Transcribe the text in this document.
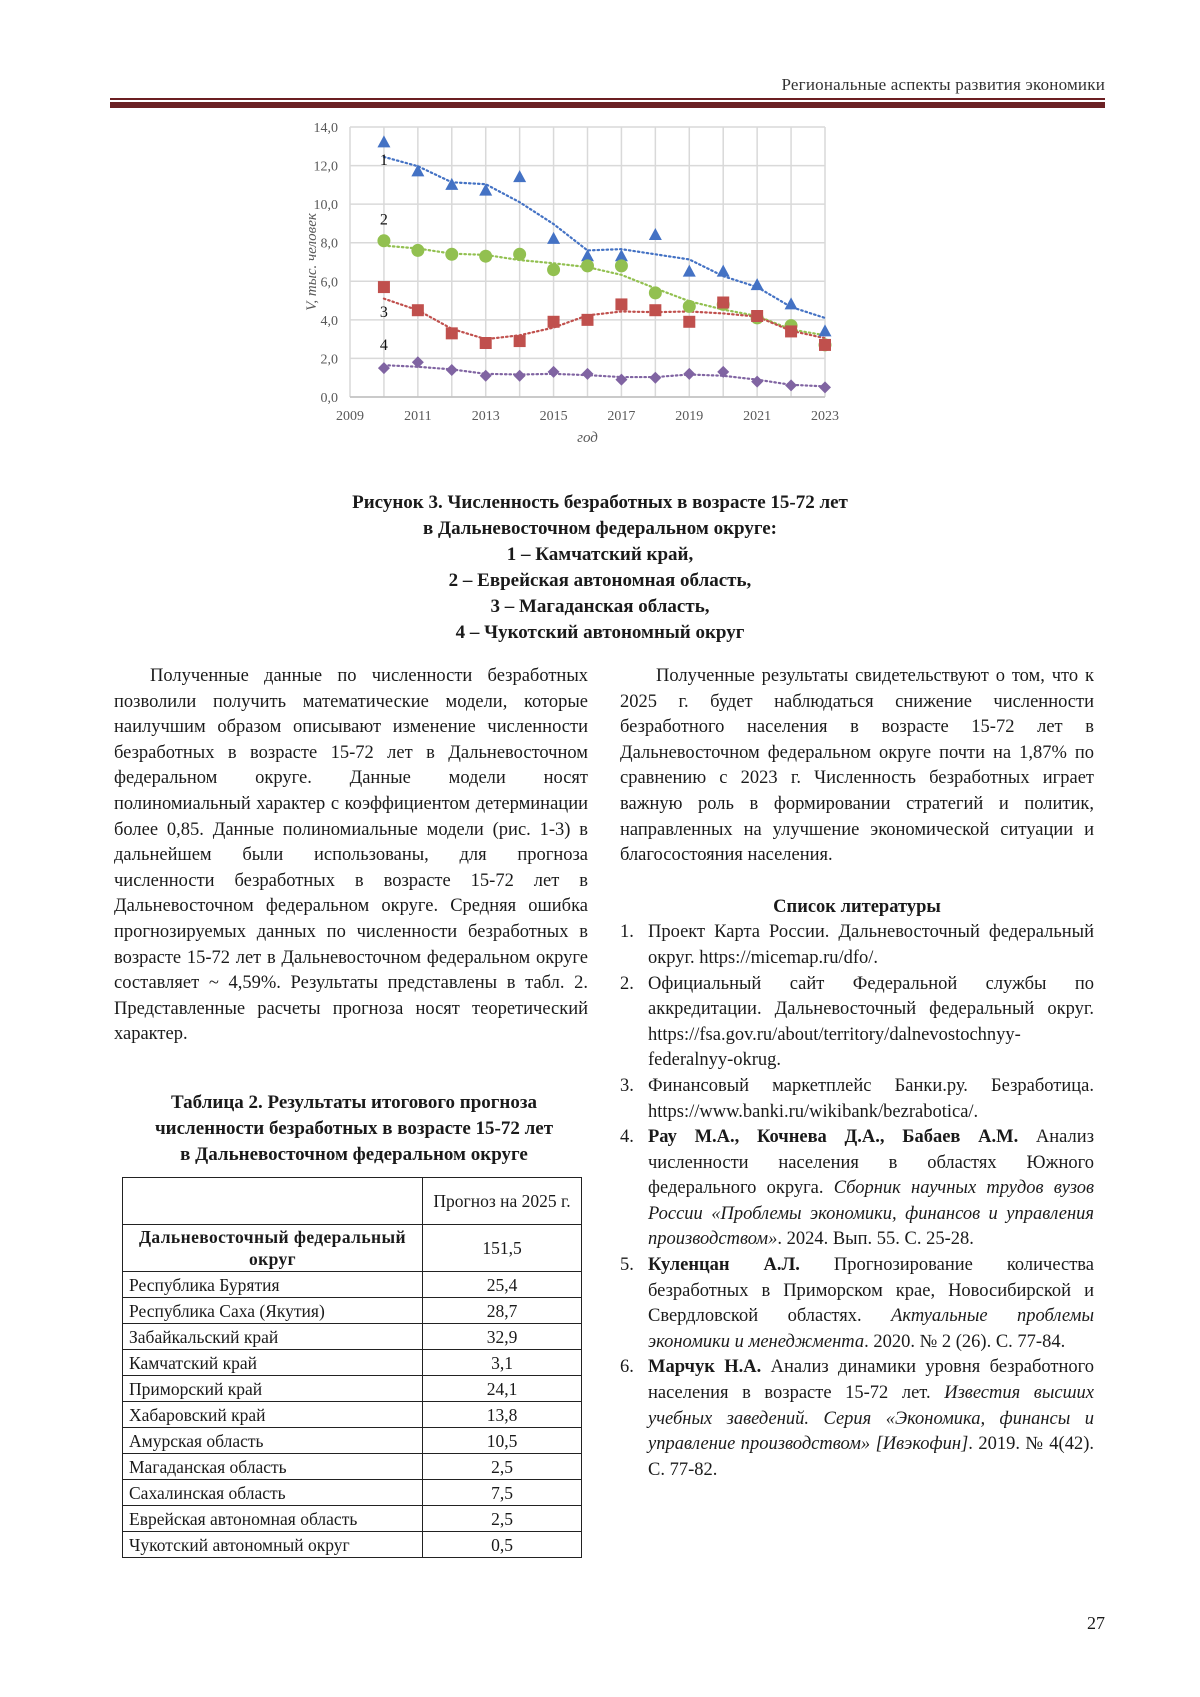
Региональные аспекты развития экономики
0,0
2,0
4,0
6,0
8,0
10,0
12,0
14,0
2009	2011	2013	2015	2017	2019	2021	2023
V, тыс. человек
год
1
2
3
4
Рисунок 3. Численность безработных в возрасте 15-72 лет
в Дальневосточном федеральном округе:
1 – Камчатский край,
2 – Еврейская автономная область,
3 – Магаданская область,
4 – Чукотский автономный округ

Полученные данные по численности безработных позволили получить математические модели, которые наилучшим образом описывают изменение численности безработных в возрасте 15-72 лет в Дальневосточном федеральном округе. Данные модели носят полиномиальный характер с коэффициентом детерминации более 0,85. Данные полиномиальные модели (рис. 1-3) в дальнейшем были использованы, для прогноза численности безработных в возрасте 15-72 лет в Дальневосточном федеральном округе. Средняя ошибка прогнозируемых данных по численности безработных в возрасте 15-72 лет в Дальневосточном федеральном округе составляет ~ 4,59%. Результаты представлены в табл. 2. Представленные расчеты прогноза носят теоретический характер.

Таблица 2. Результаты итогового прогноза
численности безработных в возрасте 15-72 лет
в Дальневосточном федеральном округе
	Прогноз на 2025 г.
Дальневосточный федеральный округ	151,5
Республика Бурятия	25,4
Республика Саха (Якутия)	28,7
Забайкальский край	32,9
Камчатский край	3,1
Приморский край	24,1
Хабаровский край	13,8
Амурская область	10,5
Магаданская область	2,5
Сахалинская область	7,5
Еврейская автономная область	2,5
Чукотский автономный округ	0,5

Полученные результаты свидетельствуют о том, что к 2025 г. будет наблюдаться снижение численности безработного населения в возрасте 15-72 лет в Дальневосточном федеральном округе почти на 1,87% по сравнению с 2023 г. Численность безработных играет важную роль в формировании стратегий и политик, направленных на улучшение экономической ситуации и благосостояния населения.

Список литературы

1. Проект Карта России. Дальневосточный федеральный округ. https://micemap.ru/dfo/.
2. Официальный сайт Федеральной службы по аккредитации. Дальневосточный федеральный округ. https://fsa.gov.ru/about/territory/dalnevostochnyy-federalnyy-okrug.
3. Финансовый маркетплейс Банки.ру. Безработица. https://www.banki.ru/wikibank/bezrabotica/.
4. Рау М.А., Кочнева Д.А., Бабаев А.М. Анализ численности населения в областях Южного федерального округа. Сборник научных трудов вузов России «Проблемы экономики, финансов и управления производством». 2024. Вып. 55. С. 25-28.
5. Куленцан А.Л. Прогнозирование количества безработных в Приморском крае, Новосибирской и Свердловской областях. Актуальные проблемы экономики и менеджмента. 2020. № 2 (26). С. 77-84.
6. Марчук Н.А. Анализ динамики уровня безработного населения в возрасте 15-72 лет. Известия высших учебных заведений. Серия «Экономика, финансы и управление производством» [Ивэкофин]. 2019. № 4(42). С. 77-82.
27
